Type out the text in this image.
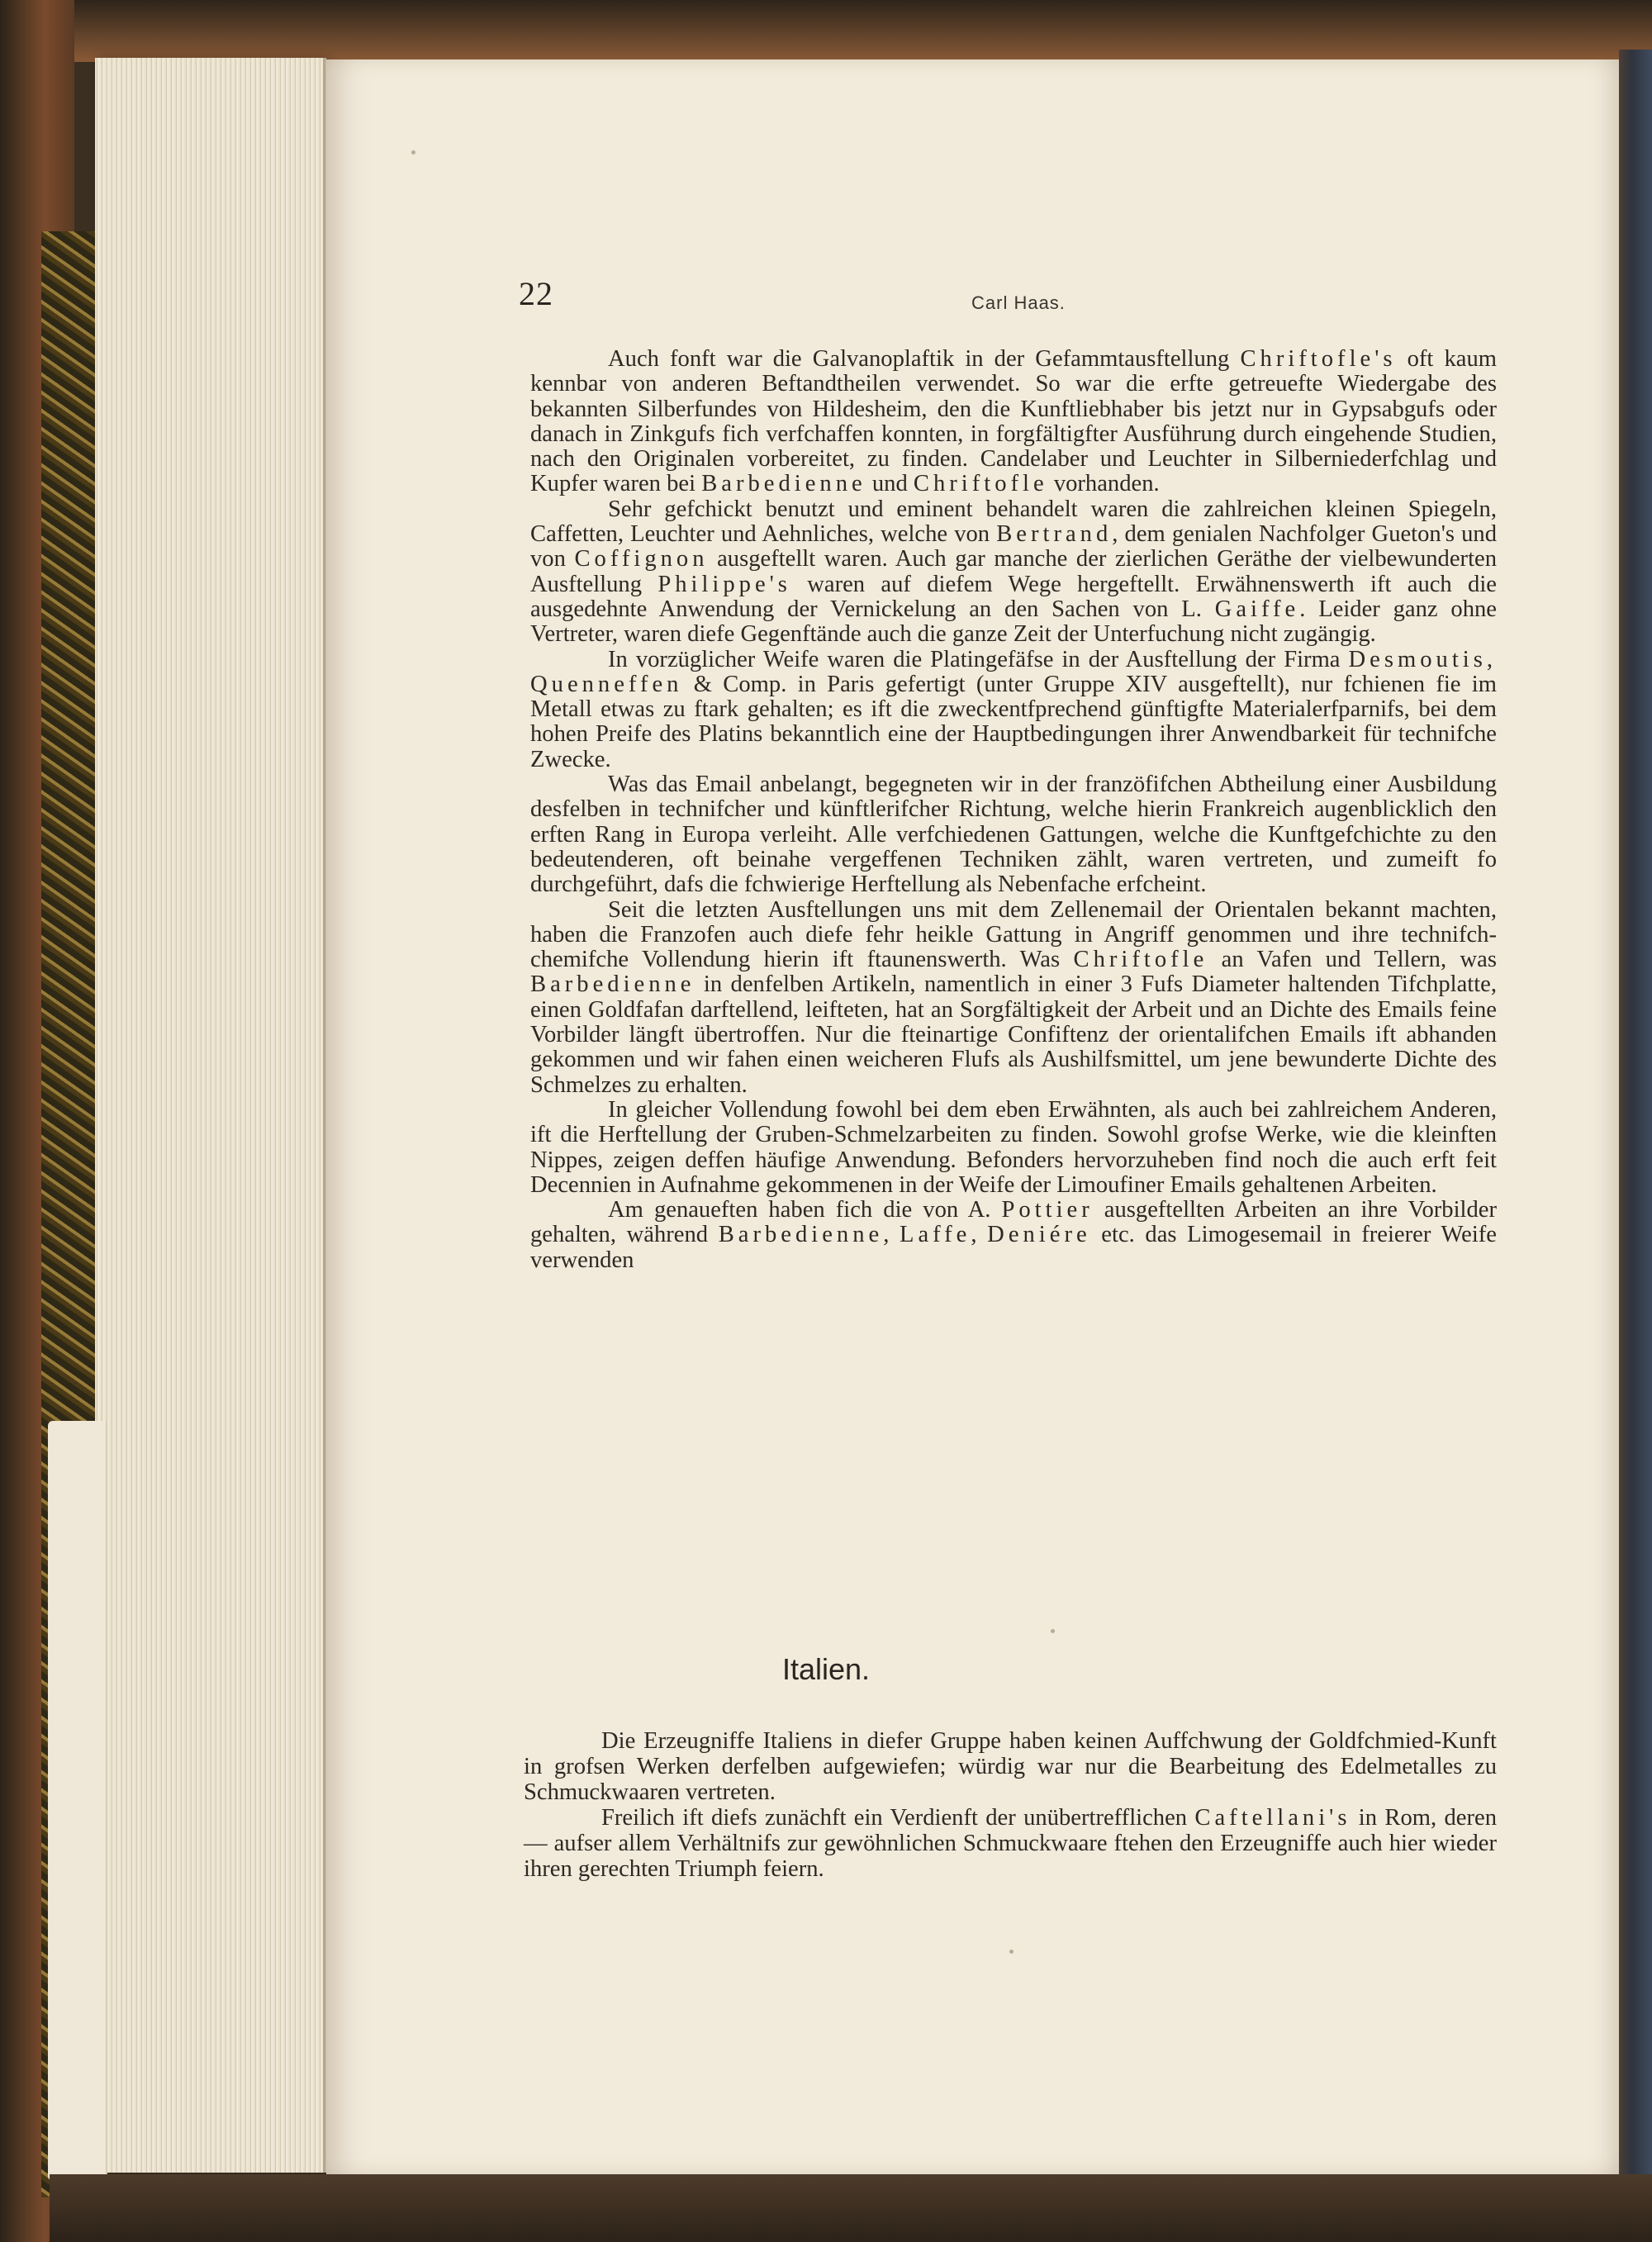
22	Carl Haas.

Auch fonft war die Galvanoplaftik in der Gefammtausftellung Chriftofle's oft kaum kennbar von anderen Beftandtheilen verwendet. So war die erfte getreuefte Wiedergabe des bekannten Silberfundes von Hildesheim, den die Kunftliebhaber bis jetzt nur in Gypsabgufs oder danach in Zinkgufs fich verfchaffen konnten, in forgfältigfter Ausführung durch eingehende Studien, nach den Originalen vorbereitet, zu finden. Candelaber und Leuchter in Silberniederfchlag und Kupfer waren bei Barbedienne und Chriftofle vorhanden.

Sehr gefchickt benutzt und eminent behandelt waren die zahlreichen kleinen Spiegeln, Caffetten, Leuchter und Aehnliches, welche von Bertrand, dem genialen Nachfolger Gueton's und von Coffignon ausgeftellt waren. Auch gar manche der zierlichen Geräthe der vielbewunderten Ausftellung Philippe's waren auf diefem Wege hergeftellt. Erwähnenswerth ift auch die ausgedehnte Anwendung der Vernickelung an den Sachen von L. Gaiffe. Leider ganz ohne Vertreter, waren diefe Gegenftände auch die ganze Zeit der Unterfuchung nicht zugängig.

In vorzüglicher Weife waren die Platingefäfse in der Ausftellung der Firma Desmoutis, Quenneffen & Comp. in Paris gefertigt (unter Gruppe XIV ausgeftellt), nur fchienen fie im Metall etwas zu ftark gehalten; es ift die zweckentfprechend günftigfte Materialerfparnifs, bei dem hohen Preife des Platins bekanntlich eine der Hauptbedingungen ihrer Anwendbarkeit für technifche Zwecke.

Was das Email anbelangt, begegneten wir in der franzöfifchen Abtheilung einer Ausbildung desfelben in technifcher und künftlerifcher Richtung, welche hierin Frankreich augenblicklich den erften Rang in Europa verleiht. Alle verfchiedenen Gattungen, welche die Kunftgefchichte zu den bedeutenderen, oft beinahe vergeffenen Techniken zählt, waren vertreten, und zumeift fo durchgeführt, dafs die fchwierige Herftellung als Nebenfache erfcheint.

Seit die letzten Ausftellungen uns mit dem Zellenemail der Orientalen bekannt machten, haben die Franzofen auch diefe fehr heikle Gattung in Angriff genommen und ihre technifch-chemifche Vollendung hierin ift ftaunenswerth. Was Chriftofle an Vafen und Tellern, was Barbedienne in denfelben Artikeln, namentlich in einer 3 Fufs Diameter haltenden Tifchplatte, einen Goldfafan darftellend, leifteten, hat an Sorgfältigkeit der Arbeit und an Dichte des Emails feine Vorbilder längft übertroffen. Nur die fteinartige Confiftenz der orientalifchen Emails ift abhanden gekommen und wir fahen einen weicheren Flufs als Aushilfsmittel, um jene bewunderte Dichte des Schmelzes zu erhalten.

In gleicher Vollendung fowohl bei dem eben Erwähnten, als auch bei zahlreichem Anderen, ift die Herftellung der Gruben-Schmelzarbeiten zu finden. Sowohl grofse Werke, wie die kleinften Nippes, zeigen deffen häufige Anwendung. Befonders hervorzuheben find noch die auch erft feit Decennien in Aufnahme gekommenen in der Weife der Limoufiner Emails gehaltenen Arbeiten.

Am genaueften haben fich die von A. Pottier ausgeftellten Arbeiten an ihre Vorbilder gehalten, während Barbedienne, Laffe, Deniére etc. das Limogesemail in freierer Weife verwenden

Italien.

Die Erzeugniffe Italiens in diefer Gruppe haben keinen Auffchwung der Goldfchmied-Kunft in grofsen Werken derfelben aufgewiefen; würdig war nur die Bearbeitung des Edelmetalles zu Schmuckwaaren vertreten.

Freilich ift diefs zunächft ein Verdienft der unübertrefflichen Caftellani's in Rom, deren — aufser allem Verhältnifs zur gewöhnlichen Schmuckwaare ftehen den Erzeugniffe auch hier wieder ihren gerechten Triumph feiern.
